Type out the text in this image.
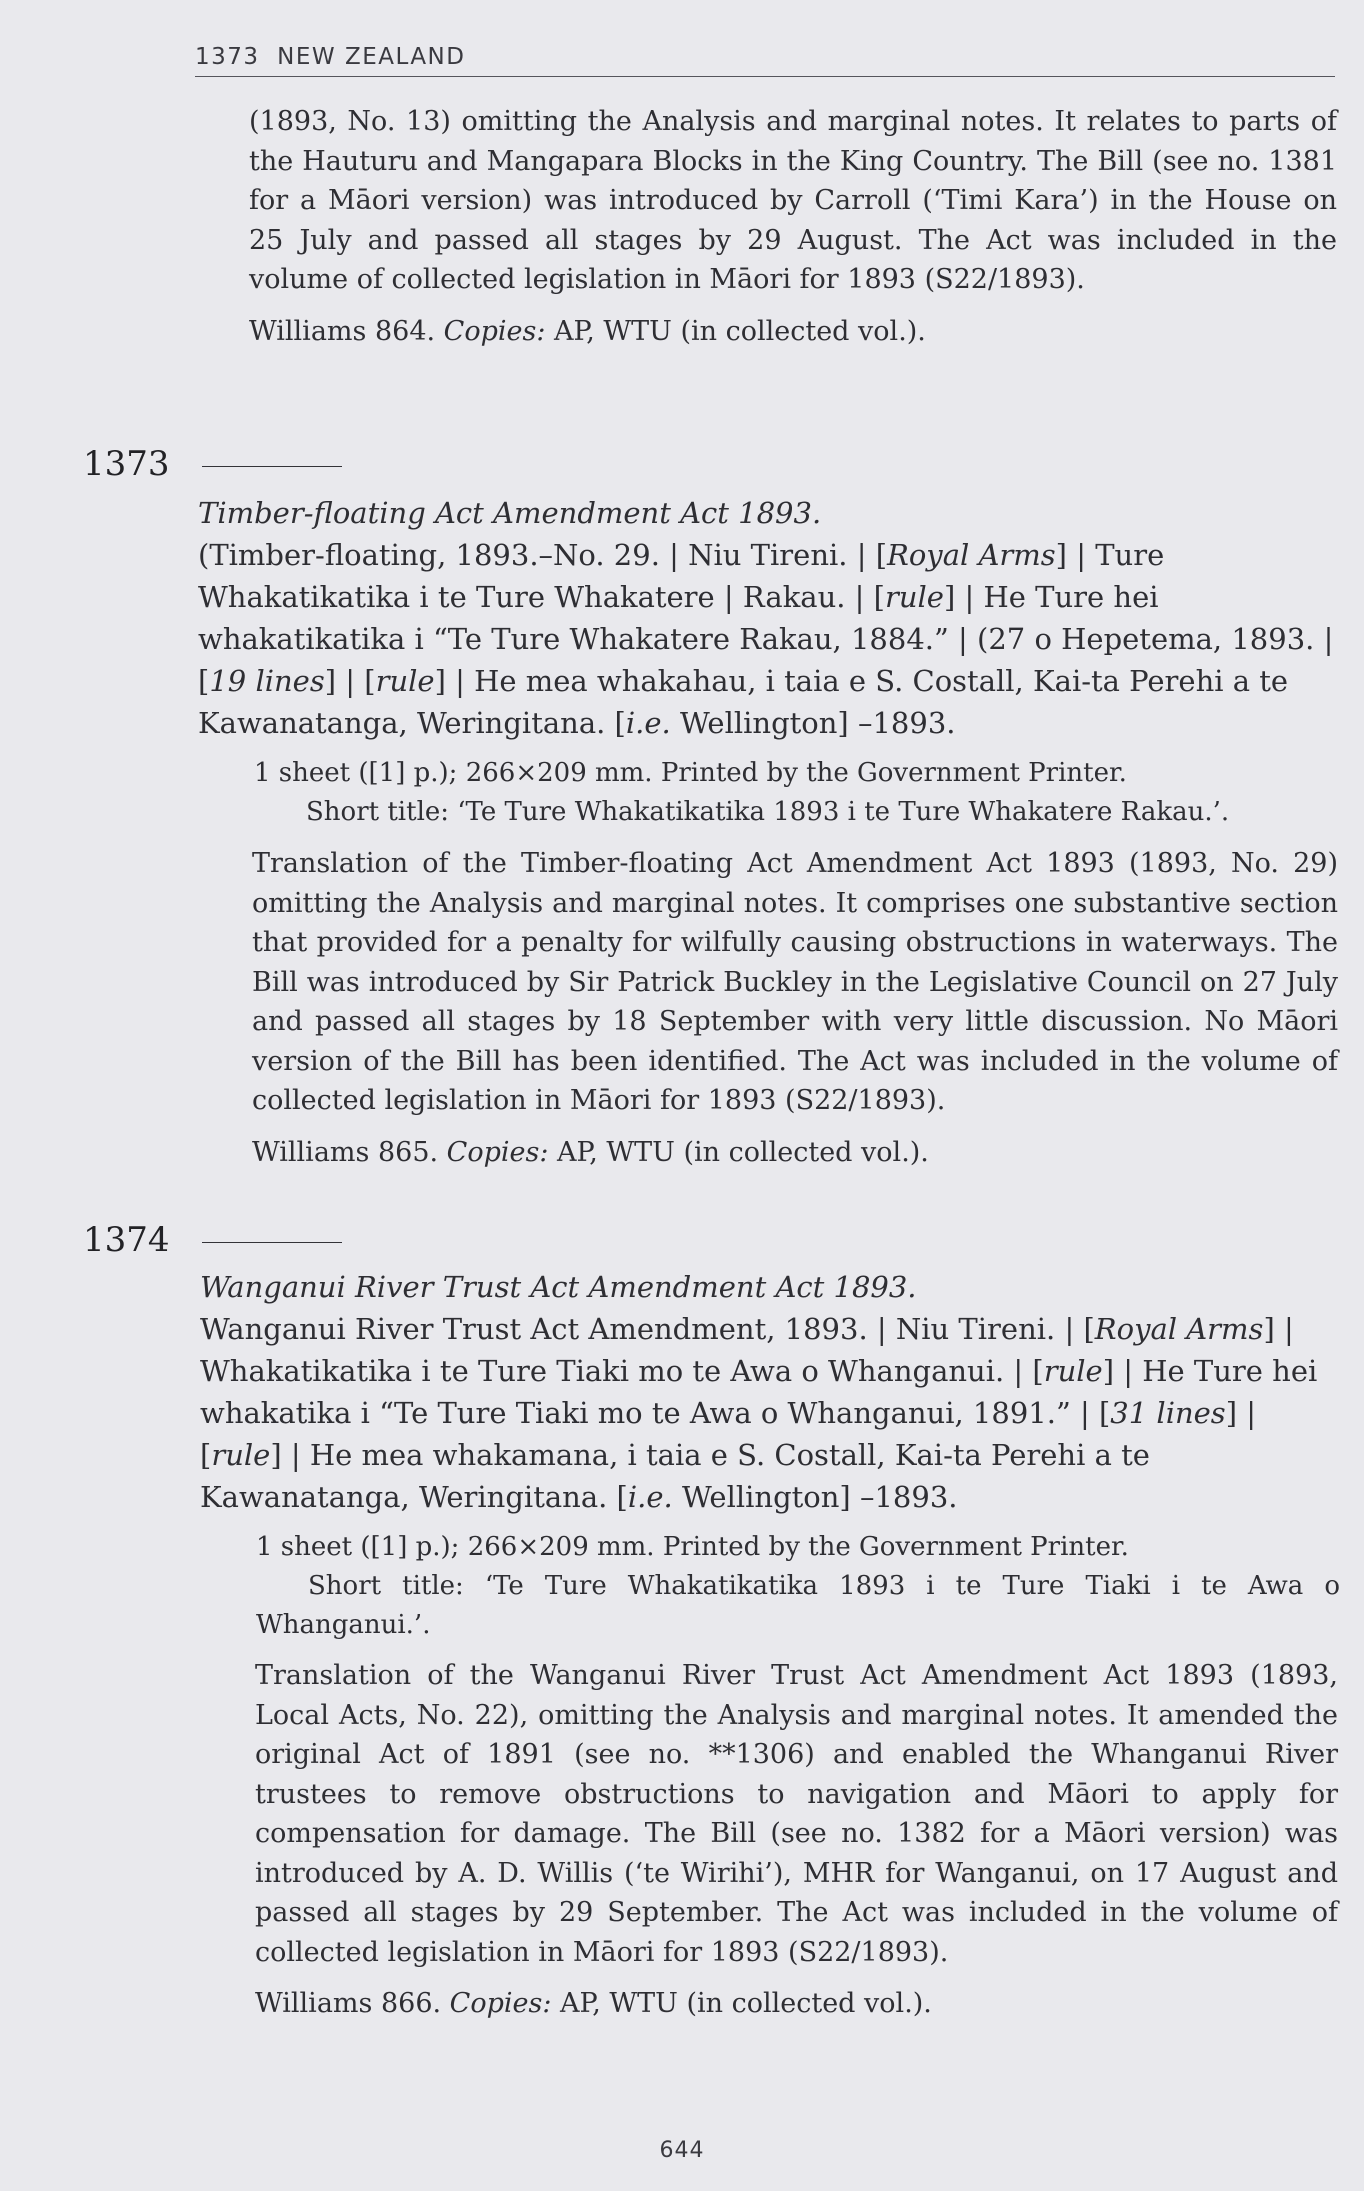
1373 NEW ZEALAND

(1893, No. 13) omitting the Analysis and marginal notes. It relates to parts of the Hauturu and Mangapara Blocks in the King Country. The Bill (see no. 1381 for a Māori version) was introduced by Carroll (‘Timi Kara’) in the House on 25 July and passed all stages by 29 August. The Act was included in the volume of collected legislation in Māori for 1893 (S22/1893).

Williams 864. Copies: AP, WTU (in collected vol.).

1373

Timber-floating Act Amendment Act 1893.

(Timber-floating, 1893.–No. 29. | Niu Tireni. | [Royal Arms] | Ture Whakatikatika i te Ture Whakatere | Rakau. | [rule] | He Ture hei whakatikatika i “Te Ture Whakatere Rakau, 1884.” | (27 o Hepetema, 1893. | [19 lines] | [rule] | He mea whakahau, i taia e S. Costall, Kai-ta Perehi a te Kawanatanga, Weringitana. [i.e. Wellington] –1893.

1 sheet ([1] p.); 266×209 mm. Printed by the Government Printer.

Short title: ‘Te Ture Whakatikatika 1893 i te Ture Whakatere Rakau.’.

Translation of the Timber-floating Act Amendment Act 1893 (1893, No. 29) omitting the Analysis and marginal notes. It comprises one substantive section that provided for a penalty for wilfully causing obstructions in waterways. The Bill was introduced by Sir Patrick Buckley in the Legislative Council on 27 July and passed all stages by 18 September with very little discussion. No Māori version of the Bill has been identified. The Act was included in the volume of collected legislation in Māori for 1893 (S22/1893).

Williams 865. Copies: AP, WTU (in collected vol.).

1374

Wanganui River Trust Act Amendment Act 1893.

Wanganui River Trust Act Amendment, 1893. | Niu Tireni. | [Royal Arms] | Whakatikatika i te Ture Tiaki mo te Awa o Whanganui. | [rule] | He Ture hei whakatika i “Te Ture Tiaki mo te Awa o Whanganui, 1891.” | [31 lines] | [rule] | He mea whakamana, i taia e S. Costall, Kai-ta Perehi a te Kawanatanga, Weringitana. [i.e. Wellington] –1893.

1 sheet ([1] p.); 266×209 mm. Printed by the Government Printer.

Short title: ‘Te Ture Whakatikatika 1893 i te Ture Tiaki i te Awa o Whanganui.’.

Translation of the Wanganui River Trust Act Amendment Act 1893 (1893, Local Acts, No. 22), omitting the Analysis and marginal notes. It amended the original Act of 1891 (see no. **1306) and enabled the Whanganui River trustees to remove obstructions to navigation and Māori to apply for compensation for damage. The Bill (see no. 1382 for a Māori version) was introduced by A. D. Willis (‘te Wirihi’), MHR for Wanganui, on 17 August and passed all stages by 29 September. The Act was included in the volume of collected legislation in Māori for 1893 (S22/1893).

Williams 866. Copies: AP, WTU (in collected vol.).

644
